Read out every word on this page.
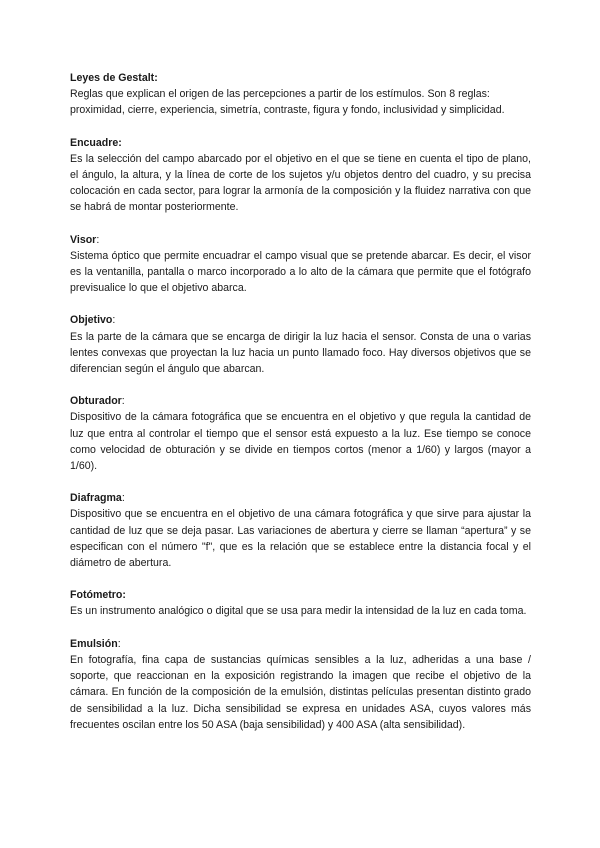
Leyes de Gestalt:

Reglas que explican el origen de las percepciones a partir de los estímulos. Son 8 reglas: proximidad, cierre, experiencia, simetría, contraste, figura y fondo, inclusividad y simplicidad.

Encuadre:

Es la selección del campo abarcado por el objetivo en el que se tiene en cuenta el tipo de plano, el ángulo, la altura, y la línea de corte de los sujetos y/u objetos dentro del cuadro, y su precisa colocación en cada sector, para lograr la armonía de la composición y la fluidez narrativa con que se habrá de montar posteriormente.

Visor:

Sistema óptico que permite encuadrar el campo visual que se pretende abarcar. Es decir, el visor es la ventanilla, pantalla o marco incorporado a lo alto de la cámara que permite que el fotógrafo previsualice lo que el objetivo abarca.

Objetivo:

Es la parte de la cámara que se encarga de dirigir la luz hacia el sensor. Consta de una o varias lentes convexas que proyectan la luz hacia un punto llamado foco. Hay diversos objetivos que se diferencian según el ángulo que abarcan.

Obturador:

Dispositivo de la cámara fotográfica que se encuentra en el objetivo y que regula la cantidad de luz que entra al controlar el tiempo que el sensor está expuesto a la luz. Ese tiempo se conoce como velocidad de obturación y se divide en tiempos cortos (menor a 1/60) y largos (mayor a 1/60).

Diafragma:

Dispositivo que se encuentra en el objetivo de una cámara fotográfica y que sirve para ajustar la cantidad de luz que se deja pasar. Las variaciones de abertura y cierre se llaman “apertura” y se especifican con el número "f", que es la relación que se establece entre la distancia focal y el diámetro de abertura.

Fotómetro:

Es un instrumento analógico o digital que se usa para medir la intensidad de la luz en cada toma.

Emulsión:

En fotografía, fina capa de sustancias químicas sensibles a la luz, adheridas a una base / soporte, que reaccionan en la exposición registrando la imagen que recibe el objetivo de la cámara. En función de la composición de la emulsión, distintas películas presentan distinto grado de sensibilidad a la luz. Dicha sensibilidad se expresa en unidades ASA, cuyos valores más frecuentes oscilan entre los 50 ASA (baja sensibilidad) y 400 ASA (alta sensibilidad).
